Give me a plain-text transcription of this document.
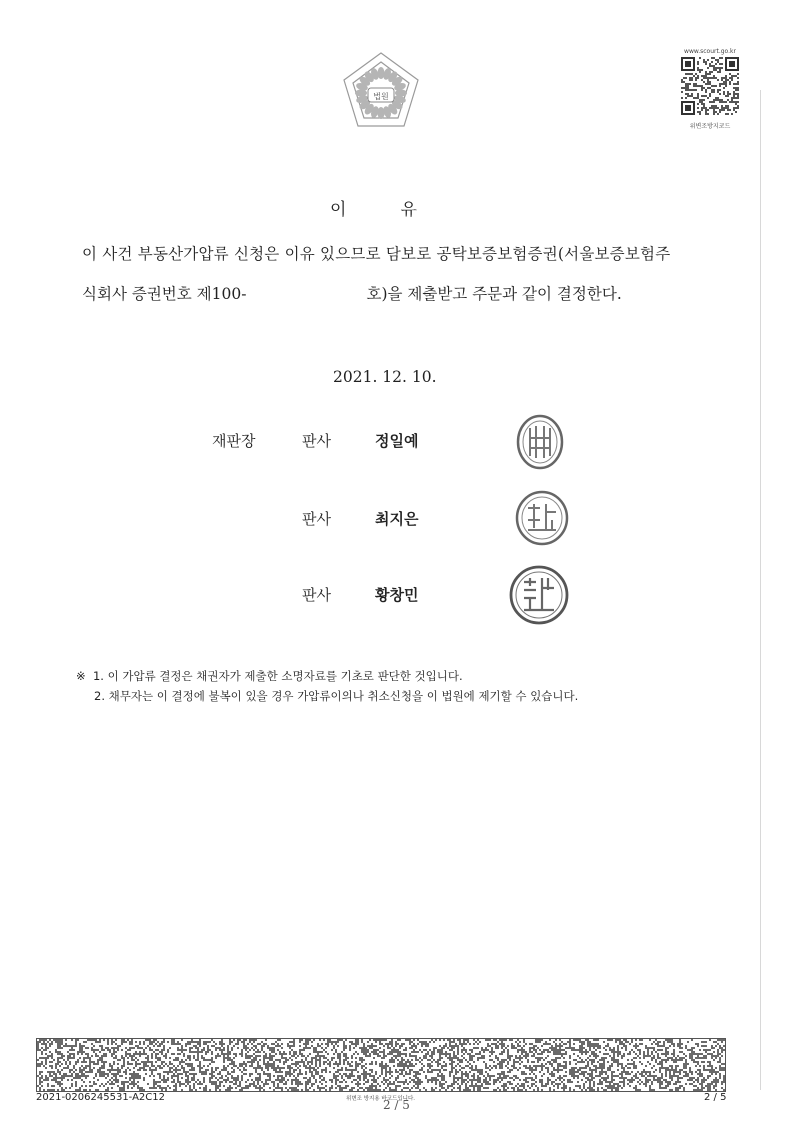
법원
www.scourt.go.kr
위변조방지코드
이	유
이 사건 부동산가압류 신청은 이유 있으므로 담보로 공탁보증보험증권(서울보증보험주
식회사 증권번호 제100-	호)을 제출받고 주문과 같이 결정한다.
2021. 12. 10.
재판장	판사	정일예
판사	최지은
판사	황창민
※ 1. 이 가압류 결정은 채권자가 제출한 소명자료를 기초로 판단한 것입니다.
2. 채무자는 이 결정에 불복이 있을 경우 가압류이의나 취소신청을 이 법원에 제기할 수 있습니다.
2021-0206245531-A2C12	위변조 방지용 바코드입니다.
2 / 5
2 / 5
